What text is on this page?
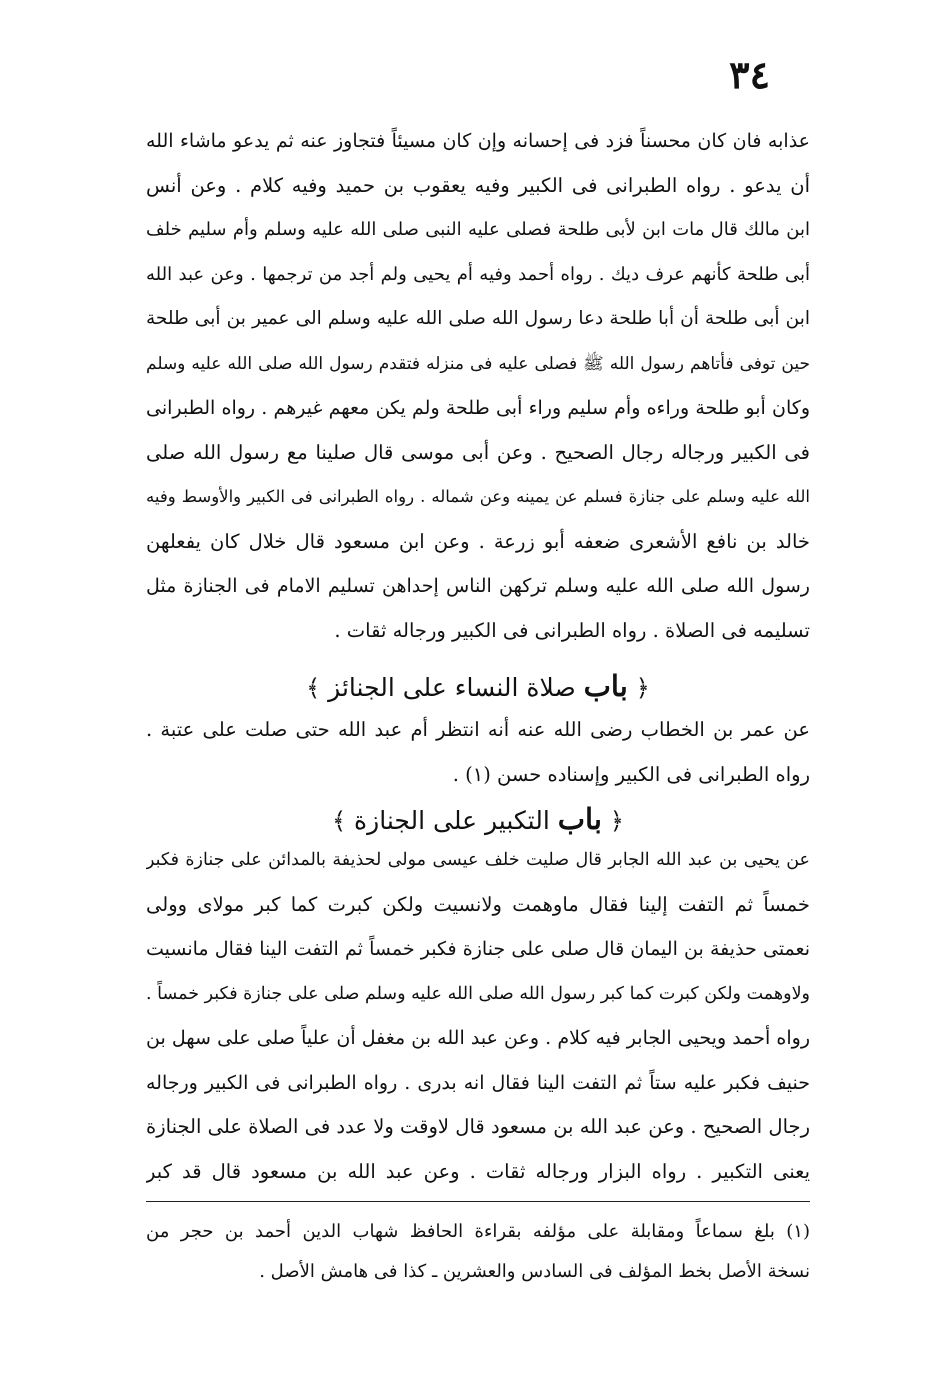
٣٤
عذابه فان كان محسناً فزد فى إحسانه وإن كان مسيئاً فتجاوز عنه ثم يدعو ماشاء الله
أن يدعو . رواه الطبرانى فى الكبير وفيه يعقوب بن حميد وفيه كلام . وعن أنس
ابن مالك قال مات ابن لأبى طلحة فصلى عليه النبى صلى الله عليه وسلم وأم سليم خلف
أبى طلحة كأنهم عرف ديك . رواه أحمد وفيه أم يحيى ولم أجد من ترجمها . وعن عبد الله
ابن أبى طلحة أن أبا طلحة دعا رسول الله صلى الله عليه وسلم الى عمير بن أبى طلحة
حين توفى فأتاهم رسول الله ﷺ فصلى عليه فى منزله فتقدم رسول الله صلى الله عليه وسلم
وكان أبو طلحة وراءه وأم سليم وراء أبى طلحة ولم يكن معهم غيرهم . رواه الطبرانى
فى الكبير ورجاله رجال الصحيح . وعن أبى موسى قال صلينا مع رسول الله صلى
الله عليه وسلم على جنازة فسلم عن يمينه وعن شماله . رواه الطبرانى فى الكبير والأوسط وفيه
خالد بن نافع الأشعرى ضعفه أبو زرعة . وعن ابن مسعود قال خلال كان يفعلهن
رسول الله صلى الله عليه وسلم تركهن الناس إحداهن تسليم الامام فى الجنازة مثل
تسليمه فى الصلاة . رواه الطبرانى فى الكبير ورجاله ثقات .
﴿ باب صلاة النساء على الجنائز ﴾
عن عمر بن الخطاب رضى الله عنه أنه انتظر أم عبد الله حتى صلت على عتبة .
رواه الطبرانى فى الكبير وإسناده حسن (١) .
﴿ باب التكبير على الجنازة ﴾
عن يحيى بن عبد الله الجابر قال صليت خلف عيسى مولى لحذيفة بالمدائن على جنازة فكبر
خمساً ثم التفت إلينا فقال ماوهمت ولانسيت ولكن كبرت كما كبر مولاى وولى
نعمتى حذيفة بن اليمان قال صلى على جنازة فكبر خمساً ثم التفت الينا فقال مانسيت
ولاوهمت ولكن كبرت كما كبر رسول الله صلى الله عليه وسلم صلى على جنازة فكبر خمساً .
رواه أحمد ويحيى الجابر فيه كلام . وعن عبد الله بن مغفل أن علياً صلى على سهل بن
حنيف فكبر عليه ستاً ثم التفت الينا فقال انه بدرى . رواه الطبرانى فى الكبير ورجاله
رجال الصحيح . وعن عبد الله بن مسعود قال لاوقت ولا عدد فى الصلاة على الجنازة
يعنى التكبير . رواه البزار ورجاله ثقات . وعن عبد الله بن مسعود قال قد كبر
(١) بلغ سماعاً ومقابلة على مؤلفه بقراءة الحافظ شهاب الدين أحمد بن حجر من
نسخة الأصل بخط المؤلف فى السادس والعشرين ـ كذا فى هامش الأصل .
